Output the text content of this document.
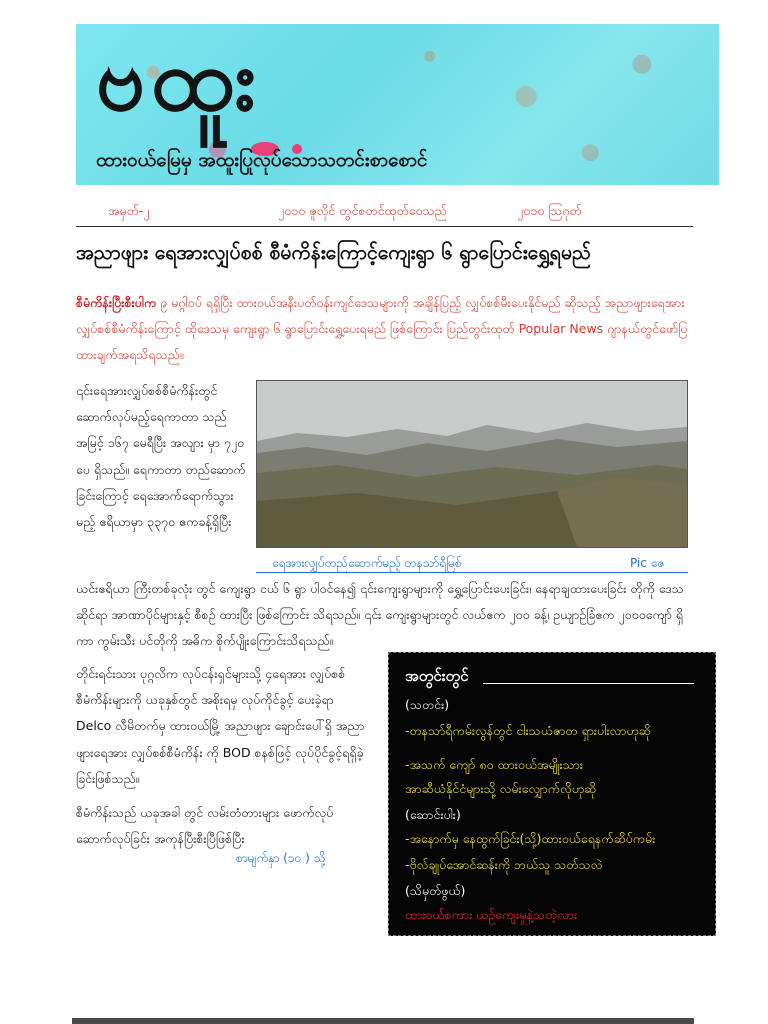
ဗထူး
ထားဝယ်မြေမှ အထူးပြုလုပ်သောသတင်းစာစောင်
အမှတ်-၂	၂၀၁၀ ဇူလိုင် တွင်စတင်ထုတ်ဝေသည်	၂၀၁၀ ဩဂုတ်
အညာဖျား ရေအားလျှပ်စစ် စီမံကိန်းကြောင့်ကျေးရွာ ၆ ရွာပြောင်းရွှေ့ရမည်
စီမံကိန်းပြီးစီးပါက ၉ မဂ္ဂါဝပ် ရရှိပြီး ထားဝယ်အနီးပတ်ဝန်းကျင်ဒေသများကို အချိန်ပြည့် လျှပ်စစ်မီးပေးနိုင်မည် ဆိုသည့် အညာဖျားရေအားလျှပ်စစ်စီမံကိန်းကြောင့် ထိုဒေသမှ ကျေးရွာ ၆ ရွာပြောင်းရွှေ့ပေးရမည် ဖြစ်ကြောင်း ပြည်တွင်းထုတ် Popular News ဂျာနယ်တွင်ဖော်ပြထားချက်အရသိရသည်။
၎င်းရေအားလျှပ်စစ်စီမံကိန်းတွင် ဆောက်လုပ်မည့်ရေကာတာ သည် အမြင့် ၁၆၇ မေရီပြီး အလျား မှာ ၇၂၀ ပေ ရှိသည်။ ရေကာတာ တည်ဆောက်ခြင်းကြောင့် ရေအောက်ရောက်သွားမည့် ဧရိယာမှာ ၃၃၇၀ ဧကခန့်ရှိပြီး
ရေအားလျှပ်တည်ဆောက်မည့် တနသာ်ရီမြစ်	Pic ဇေ
ယင်းဧရိယာ ကြီးတစ်ခုလုံး တွင် ကျေးရွာ ငယ် ၆ ရွာ ပါဝင်နေ၍ ၎င်းကျေးရွာများကို ရွှေ့ပြောင်းပေးခြင်း၊ နေရာချထားပေးခြင်း တိုကို ဒေသဆိုင်ရာ အာဏာပိုင်များနှင့် စီစဉ် ထားပြီး ဖြစ်ကြောင်း သိရသည်။ ၎င်း ကျေးရွာများတွင် လယ်ဧက ၂၀၀ ခန့်၊ ဥယျာဉ်ခြံဧက ၂၀၀၀ကျော် ရှိကာ ကွမ်းသီး ပင်တိုကို အဓိက စိုက်ပျိုးကြောင်းသိရသည်။
တိုင်းရင်းသား ပုဂ္ဂလိက လုပ်ငန်းရှင်များသို့ ၄ရေအား လျှပ်စစ် စီမံကိန်းများကို ယခုနှစ်တွင် အစိုးရမှ လုပ်ကိုင်ခွင့် ပေးခဲ့ရာ Delco လီမိတက်မှ ထားဝယ်မြို့ အညာဖျား ချောင်းပေါ်ရှိ အညာဖျားရေအား လျှပ်စစ်စီမံကိန်း ကို BOD စနစ်ဖြင့် လုပ်ပိုင်ခွင့်ရရှိခဲ့ခြင်းဖြစ်သည်။
စီမံကိန်းသည် ယခုအခါ တွင် လမ်းတံတားများ ဖောက်လုပ် ဆောက်လုပ်ခြင်း အကုန်ပြီးစီးပြီဖြစ်ပြီး
စာမျက်နှာ (၁၀ ) သို့
အတွင်းတွင်
(သတင်း)
-တနသာ်ရီကမ်းလွန်တွင် ငါးသယံဇာတ ရှားပါးလာဟုဆို
-အသက် ကျော် ၈၀ ထားဝယ်အမျိုးသား
အာဆီယံနိုင်ငံများသို့ လမ်းလျှောက်လိုဟုဆို
(ဆောင်းပါး)
-အနောက်မှ နေထွက်ခြင်း(သို့)ထားဝယ်ရေနက်ဆိပ်ကမ်း
-ဗိုလ်ချုပ်အောင်ဆန်းကို ဘယ်သူ သတ်သလဲ
(သိမှတ်ဖွယ်)
ထားဝယ်စကား ယဉ်ကျေးမှုနဲ့သတဲ့လား
